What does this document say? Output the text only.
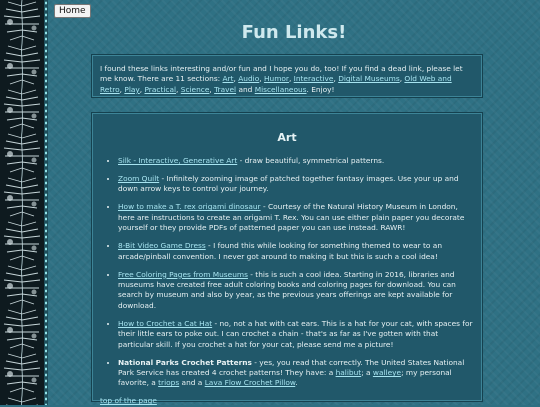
Home
Fun Links!
I found these links interesting and/or fun and I hope you do, too! If you find a dead link, please let me know. There are 11 sections: Art, Audio, Humor, Interactive, Digital Museums, Old Web and Retro, Play, Practical, Science, Travel and Miscellaneous. Enjoy!
Art
• Silk - Interactive, Generative Art - draw beautiful, symmetrical patterns.
• Zoom Quilt - Infinitely zooming image of patched together fantasy images. Use your up and down arrow keys to control your journey.
• How to make a T. rex origami dinosaur - Courtesy of the Natural History Museum in London, here are instructions to create an origami T. Rex. You can use either plain paper you decorate yourself or they provide PDFs of patterned paper you can use instead. RAWR!
• 8-Bit Video Game Dress - I found this while looking for something themed to wear to an arcade/pinball convention. I never got around to making it but this is such a cool idea!
• Free Coloring Pages from Museums - this is such a cool idea. Starting in 2016, libraries and museums have created free adult coloring books and coloring pages for download. You can search by museum and also by year, as the previous years offerings are kept available for download.
• How to Crochet a Cat Hat - no, not a hat with cat ears. This is a hat for your cat, with spaces for their little ears to poke out. I can crochet a chain - that's as far as I've gotten with that particular skill. If you crochet a hat for your cat, please send me a picture!
• National Parks Crochet Patterns - yes, you read that correctly. The United States National Park Service has created 4 crochet patterns! They have: a halibut; a walleye; my personal favorite, a triops and a Lava Flow Crochet Pillow.
top of the page
